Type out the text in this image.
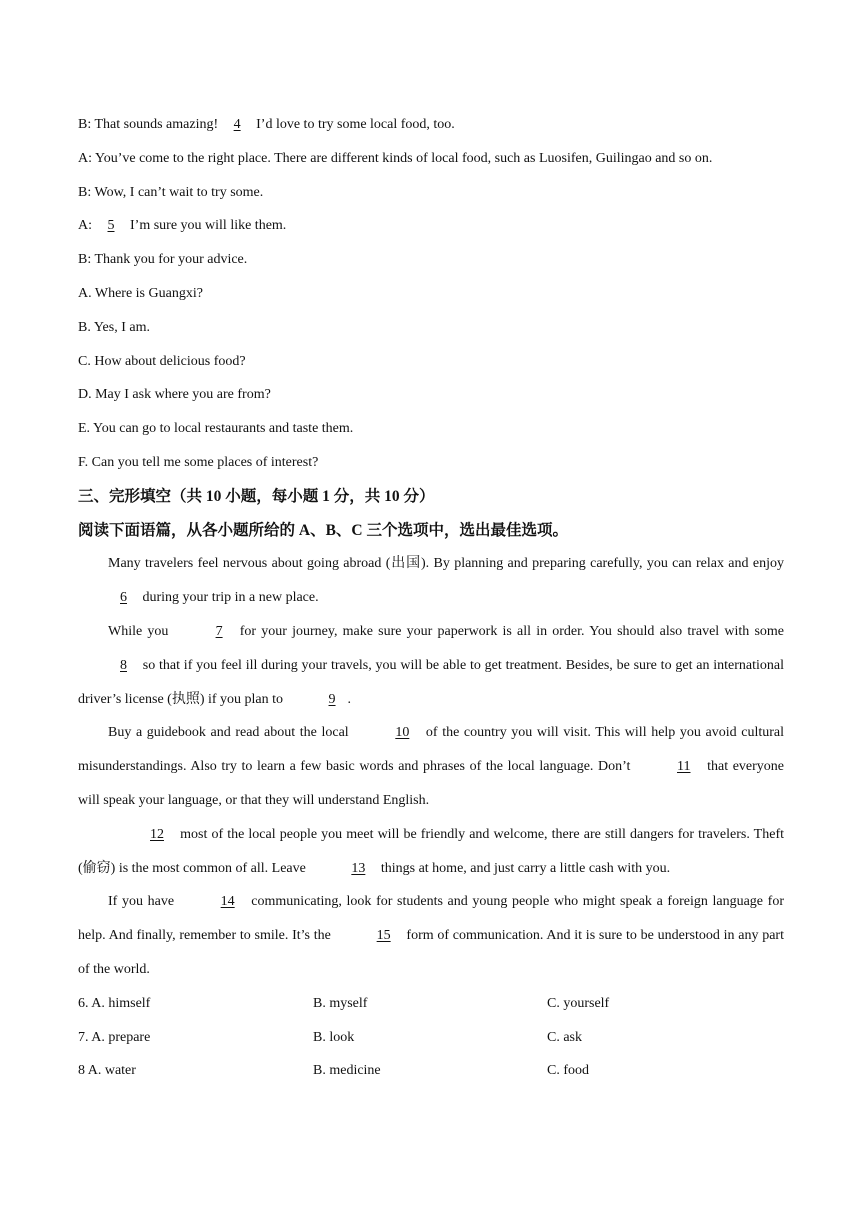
B: That sounds amazing! 4 I’d love to try some local food, too.
A: You’ve come to the right place. There are different kinds of local food, such as Luosifen, Guilingao and so on.
B: Wow, I can’t wait to try some.
A: 5 I’m sure you will like them.
B: Thank you for your advice.
A. Where is Guangxi?
B. Yes, I am.
C. How about delicious food?
D. May I ask where you are from?
E. You can go to local restaurants and taste them.
F. Can you tell me some places of interest?
三、完形填空（共 10 小题，每小题 1 分，共 10 分）
阅读下面语篇，从各小题所给的 A、B、C 三个选项中，选出最佳选项。

Many travelers feel nervous about going abroad (出国). By planning and preparing carefully, you can relax and enjoy 6 during your trip in a new place.

While you	7 for your journey, make sure your paperwork is all in order. You should also travel with some 8 so that if you feel ill during your travels, you will be able to get treatment. Besides, be sure to get an international driver’s license (执照) if you plan to	9 .

Buy a guidebook and read about the local	10 of the country you will visit. This will help you avoid cultural misunderstandings. Also try to learn a few basic words and phrases of the local language. Don’t	11 that everyone will speak your language, or that they will understand English.

12 most of the local people you meet will be friendly and welcome, there are still dangers for travelers. Theft (偷窃) is the most common of all. Leave	13 things at home, and just carry a little cash with you.

If you have	14 communicating, look for students and young people who might speak a foreign language for help. And finally, remember to smile. It’s the	15 form of communication. And it is sure to be understood in any part of the world.

6. A. himself	B. myself	C. yourself
7. A. prepare	B. look	C. ask
8 A. water	B. medicine	C. food
